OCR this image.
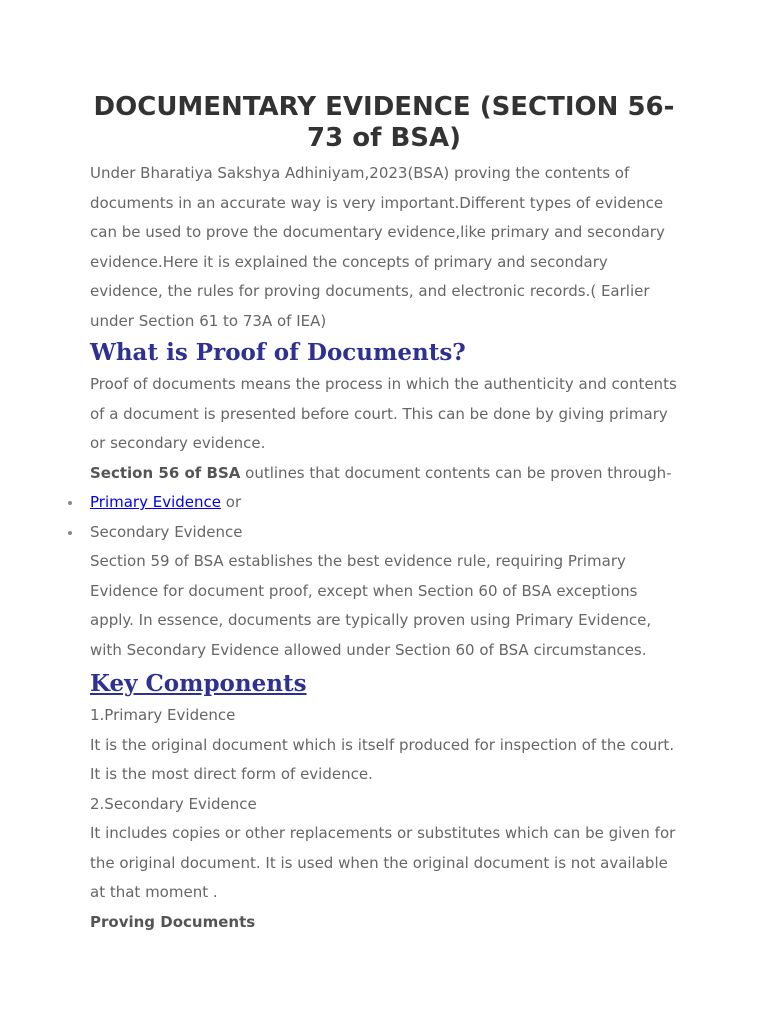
DOCUMENTARY EVIDENCE (SECTION 56-73 of BSA)

Under Bharatiya Sakshya Adhiniyam,2023(BSA) proving the contents of documents in an accurate way is very important.Different types of evidence can be used to prove the documentary evidence,like primary and secondary evidence.Here it is explained the concepts of primary and secondary evidence, the rules for proving documents, and electronic records.( Earlier under Section 61 to 73A of IEA)

What is Proof of Documents?

Proof of documents means the process in which the authenticity and contents of a document is presented before court. This can be done by giving primary or secondary evidence.

Section 56 of BSA outlines that document contents can be proven through-

Primary Evidence or
Secondary Evidence

Section 59 of BSA establishes the best evidence rule, requiring Primary Evidence for document proof, except when Section 60 of BSA exceptions apply. In essence, documents are typically proven using Primary Evidence, with Secondary Evidence allowed under Section 60 of BSA circumstances.

Key Components

1.Primary Evidence

It is the original document which is itself produced for inspection of the court. It is the most direct form of evidence.

2.Secondary Evidence

It includes copies or other replacements or substitutes which can be given for the original document. It is used when the original document is not available at that moment .

Proving Documents
